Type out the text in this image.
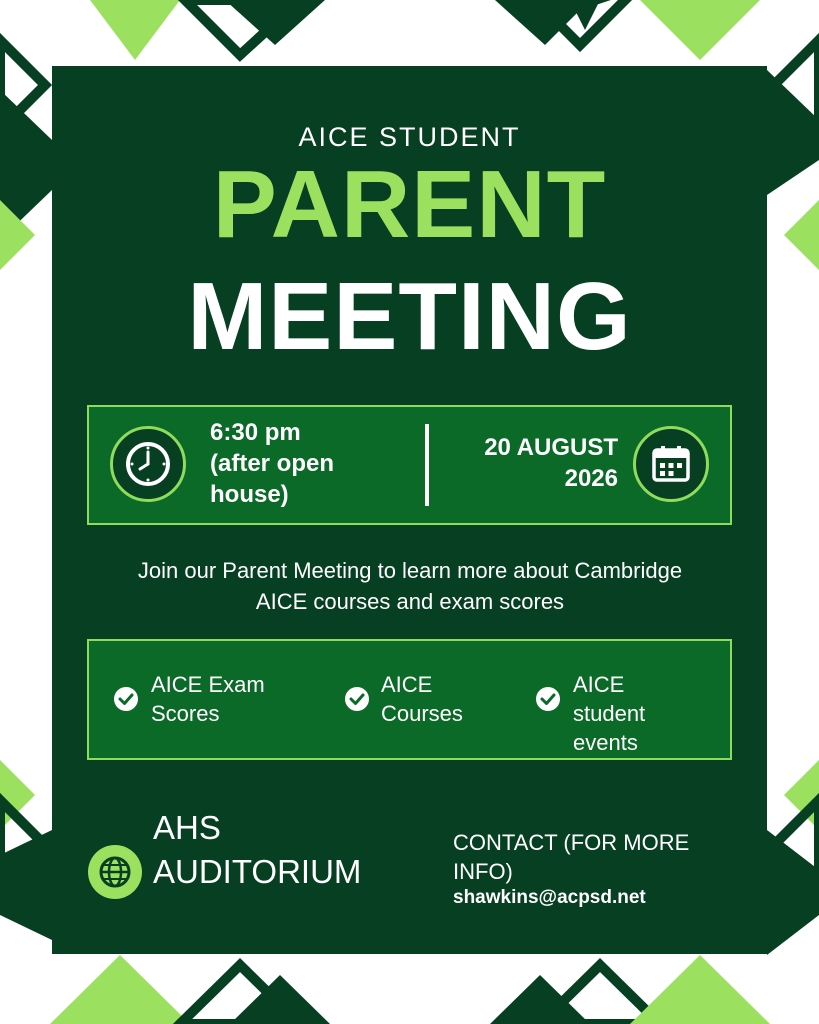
AICE STUDENT
PARENT
MEETING
6:30 pm
(after open
house)
20 AUGUST
2026
Join our Parent Meeting to learn more about Cambridge
AICE courses and exam scores
AICE Exam
Scores
AICE
Courses
AICE
student
events
AHS
AUDITORIUM
CONTACT (FOR MORE
INFO)
shawkins@acpsd.net
